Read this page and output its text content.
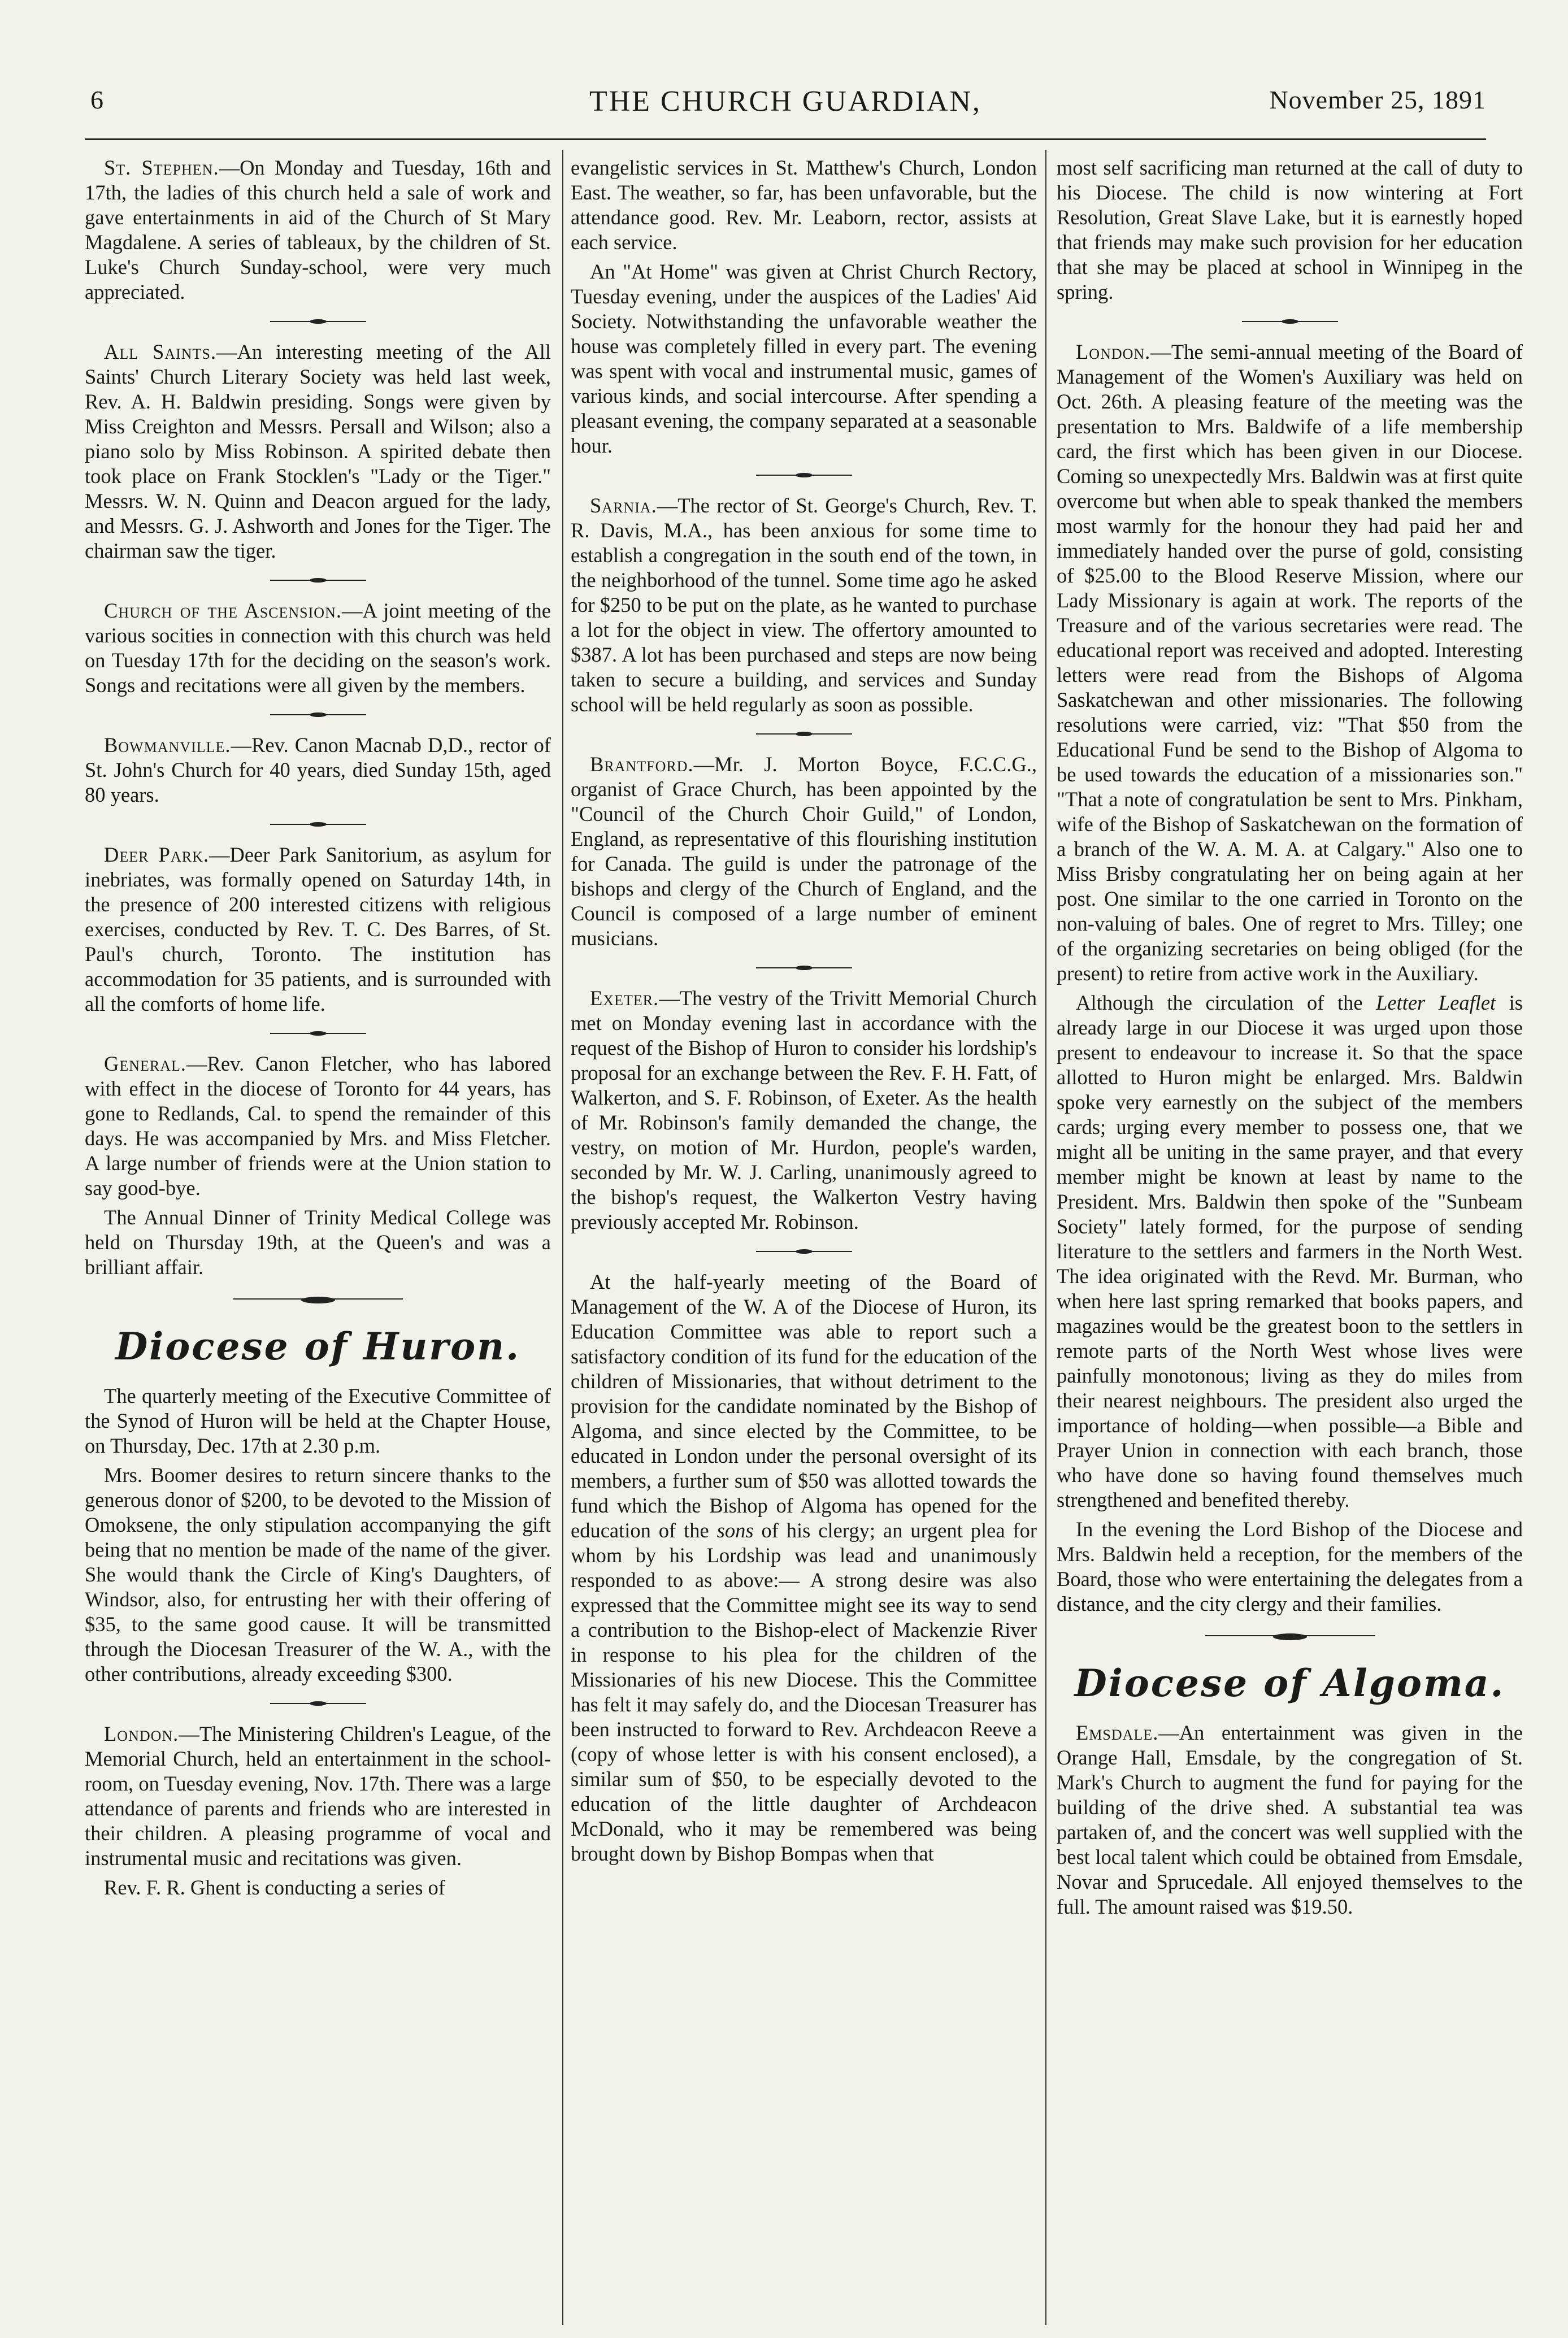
6	THE CHURCH GUARDIAN,	November 25, 1891

St. Stephen.—On Monday and Tuesday, 16th and 17th, the ladies of this church held a sale of work and gave entertainments in aid of the Church of St Mary Magdalene. A series of tableaux, by the children of St. Luke's Church Sunday-school, were very much appreciated.

All Saints.—An interesting meeting of the All Saints' Church Literary Society was held last week, Rev. A. H. Baldwin presiding. Songs were given by Miss Creighton and Messrs. Persall and Wilson; also a piano solo by Miss Robinson. A spirited debate then took place on Frank Stocklen's "Lady or the Tiger." Messrs. W. N. Quinn and Deacon argued for the lady, and Messrs. G. J. Ashworth and Jones for the Tiger. The chairman saw the tiger.

Church of the Ascension.—A joint meeting of the various socities in connection with this church was held on Tuesday 17th for the deciding on the season's work. Songs and recitations were all given by the members.

Bowmanville.—Rev. Canon Macnab D,D., rector of St. John's Church for 40 years, died Sunday 15th, aged 80 years.

Deer Park.—Deer Park Sanitorium, as asylum for inebriates, was formally opened on Saturday 14th, in the presence of 200 interested citizens with religious exercises, conducted by Rev. T. C. Des Barres, of St. Paul's church, Toronto. The institution has accommodation for 35 patients, and is surrounded with all the comforts of home life.

General.—Rev. Canon Fletcher, who has labored with effect in the diocese of Toronto for 44 years, has gone to Redlands, Cal. to spend the remainder of this days. He was accompanied by Mrs. and Miss Fletcher. A large number of friends were at the Union station to say good-bye.

The Annual Dinner of Trinity Medical College was held on Thursday 19th, at the Queen's and was a brilliant affair.

Diocese of Huron.

The quarterly meeting of the Executive Committee of the Synod of Huron will be held at the Chapter House, on Thursday, Dec. 17th at 2.30 p.m.

Mrs. Boomer desires to return sincere thanks to the generous donor of $200, to be devoted to the Mission of Omoksene, the only stipulation accompanying the gift being that no mention be made of the name of the giver. She would thank the Circle of King's Daughters, of Windsor, also, for entrusting her with their offering of $35, to the same good cause. It will be transmitted through the Diocesan Treasurer of the W. A., with the other contributions, already exceeding $300.

London.—The Ministering Children's League, of the Memorial Church, held an entertainment in the school-room, on Tuesday evening, Nov. 17th. There was a large attendance of parents and friends who are interested in their children. A pleasing programme of vocal and instrumental music and recitations was given.

Rev. F. R. Ghent is conducting a series of

evangelistic services in St. Matthew's Church, London East. The weather, so far, has been unfavorable, but the attendance good. Rev. Mr. Leaborn, rector, assists at each service.

An "At Home" was given at Christ Church Rectory, Tuesday evening, under the auspices of the Ladies' Aid Society. Notwithstanding the unfavorable weather the house was completely filled in every part. The evening was spent with vocal and instrumental music, games of various kinds, and social intercourse. After spending a pleasant evening, the company separated at a seasonable hour.

Sarnia.—The rector of St. George's Church, Rev. T. R. Davis, M.A., has been anxious for some time to establish a congregation in the south end of the town, in the neighborhood of the tunnel. Some time ago he asked for $250 to be put on the plate, as he wanted to purchase a lot for the object in view. The offertory amounted to $387. A lot has been purchased and steps are now being taken to secure a building, and services and Sunday school will be held regularly as soon as possible.

Brantford.—Mr. J. Morton Boyce, F.C.C.G., organist of Grace Church, has been appointed by the "Council of the Church Choir Guild," of London, England, as representative of this flourishing institution for Canada. The guild is under the patronage of the bishops and clergy of the Church of England, and the Council is composed of a large number of eminent musicians.

Exeter.—The vestry of the Trivitt Memorial Church met on Monday evening last in accordance with the request of the Bishop of Huron to consider his lordship's proposal for an exchange between the Rev. F. H. Fatt, of Walkerton, and S. F. Robinson, of Exeter. As the health of Mr. Robinson's family demanded the change, the vestry, on motion of Mr. Hurdon, people's warden, seconded by Mr. W. J. Carling, unanimously agreed to the bishop's request, the Walkerton Vestry having previously accepted Mr. Robinson.

At the half-yearly meeting of the Board of Management of the W. A of the Diocese of Huron, its Education Committee was able to report such a satisfactory condition of its fund for the education of the children of Missionaries, that without detriment to the provision for the candidate nominated by the Bishop of Algoma, and since elected by the Committee, to be educated in London under the personal oversight of its members, a further sum of $50 was allotted towards the fund which the Bishop of Algoma has opened for the education of the sons of his clergy; an urgent plea for whom by his Lordship was lead and unanimously responded to as above:— A strong desire was also expressed that the Committee might see its way to send a contribution to the Bishop-elect of Mackenzie River in response to his plea for the children of the Missionaries of his new Diocese. This the Committee has felt it may safely do, and the Diocesan Treasurer has been instructed to forward to Rev. Archdeacon Reeve a (copy of whose letter is with his consent enclosed), a similar sum of $50, to be especially devoted to the education of the little daughter of Archdeacon McDonald, who it may be remembered was being brought down by Bishop Bompas when that

most self sacrificing man returned at the call of duty to his Diocese. The child is now wintering at Fort Resolution, Great Slave Lake, but it is earnestly hoped that friends may make such provision for her education that she may be placed at school in Winnipeg in the spring.

London.—The semi-annual meeting of the Board of Management of the Women's Auxiliary was held on Oct. 26th. A pleasing feature of the meeting was the presentation to Mrs. Baldwife of a life membership card, the first which has been given in our Diocese. Coming so unexpectedly Mrs. Baldwin was at first quite overcome but when able to speak thanked the members most warmly for the honour they had paid her and immediately handed over the purse of gold, consisting of $25.00 to the Blood Reserve Mission, where our Lady Missionary is again at work. The reports of the Treasure and of the various secretaries were read. The educational report was received and adopted. Interesting letters were read from the Bishops of Algoma Saskatchewan and other missionaries. The following resolutions were carried, viz: "That $50 from the Educational Fund be send to the Bishop of Algoma to be used towards the education of a missionaries son." "That a note of congratulation be sent to Mrs. Pinkham, wife of the Bishop of Saskatchewan on the formation of a branch of the W. A. M. A. at Calgary." Also one to Miss Brisby congratulating her on being again at her post. One similar to the one carried in Toronto on the non-valuing of bales. One of regret to Mrs. Tilley; one of the organizing secretaries on being obliged (for the present) to retire from active work in the Auxiliary.

Although the circulation of the Letter Leaflet is already large in our Diocese it was urged upon those present to endeavour to increase it. So that the space allotted to Huron might be enlarged. Mrs. Baldwin spoke very earnestly on the subject of the members cards; urging every member to possess one, that we might all be uniting in the same prayer, and that every member might be known at least by name to the President. Mrs. Baldwin then spoke of the "Sunbeam Society" lately formed, for the purpose of sending literature to the settlers and farmers in the North West. The idea originated with the Revd. Mr. Burman, who when here last spring remarked that books papers, and magazines would be the greatest boon to the settlers in remote parts of the North West whose lives were painfully monotonous; living as they do miles from their nearest neighbours. The president also urged the importance of holding—when possible—a Bible and Prayer Union in connection with each branch, those who have done so having found themselves much strengthened and benefited thereby.

In the evening the Lord Bishop of the Diocese and Mrs. Baldwin held a reception, for the members of the Board, those who were entertaining the delegates from a distance, and the city clergy and their families.

Diocese of Algoma.

Emsdale.—An entertainment was given in the Orange Hall, Emsdale, by the congregation of St. Mark's Church to augment the fund for paying for the building of the drive shed. A substantial tea was partaken of, and the concert was well supplied with the best local talent which could be obtained from Emsdale, Novar and Sprucedale. All enjoyed themselves to the full. The amount raised was $19.50.
